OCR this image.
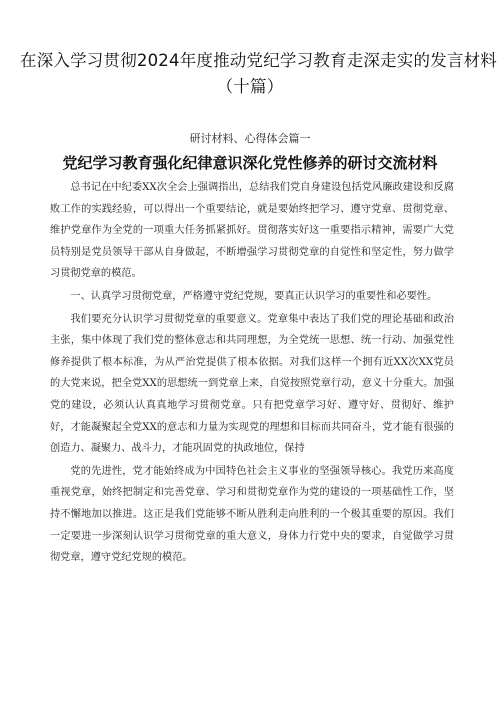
在深入学习贯彻2024年度推动党纪学习教育走深走实的发言材料
（十篇）
研讨材料、心得体会篇一
党纪学习教育强化纪律意识深化党性修养的研讨交流材料

总书记在中纪委XX次全会上强调指出，总结我们党自身建设包括党风廉政建设和反腐败工作的实践经验，可以得出一个重要结论，就是要始终把学习、遵守党章、贯彻党章、维护党章作为全党的一项重大任务抓紧抓好。贯彻落实好这一重要指示精神，需要广大党员特别是党员领导干部从自身做起，不断增强学习贯彻党章的自觉性和坚定性，努力做学习贯彻党章的模范。

一、认真学习贯彻党章，严格遵守党纪党规，要真正认识学习的重要性和必要性。

我们要充分认识学习贯彻党章的重要意义。党章集中表达了我们党的理论基础和政治主张，集中体现了我们党的整体意志和共同理想，为全党统一思想、统一行动、加强党性修养提供了根本标准，为从严治党提供了根本依据。对我们这样一个拥有近XX次XX党员的大党来说，把全党XX的思想统一到党章上来，自觉按照党章行动，意义十分重大。加强党的建设，必须认认真真地学习贯彻党章。只有把党章学习好、遵守好、贯彻好、维护好，才能凝聚起全党XX的意志和力量为实现党的理想和目标而共同奋斗，党才能有很强的创造力、凝聚力、战斗力，才能巩固党的执政地位，保持

党的先进性，党才能始终成为中国特色社会主义事业的坚强领导核心。我党历来高度重视党章，始终把制定和完善党章、学习和贯彻党章作为党的建设的一项基础性工作，坚持不懈地加以推进。这正是我们党能够不断从胜利走向胜利的一个极其重要的原因。我们一定要进一步深刻认识学习贯彻党章的重大意义，身体力行党中央的要求，自觉做学习贯彻党章，遵守党纪党规的模范。
